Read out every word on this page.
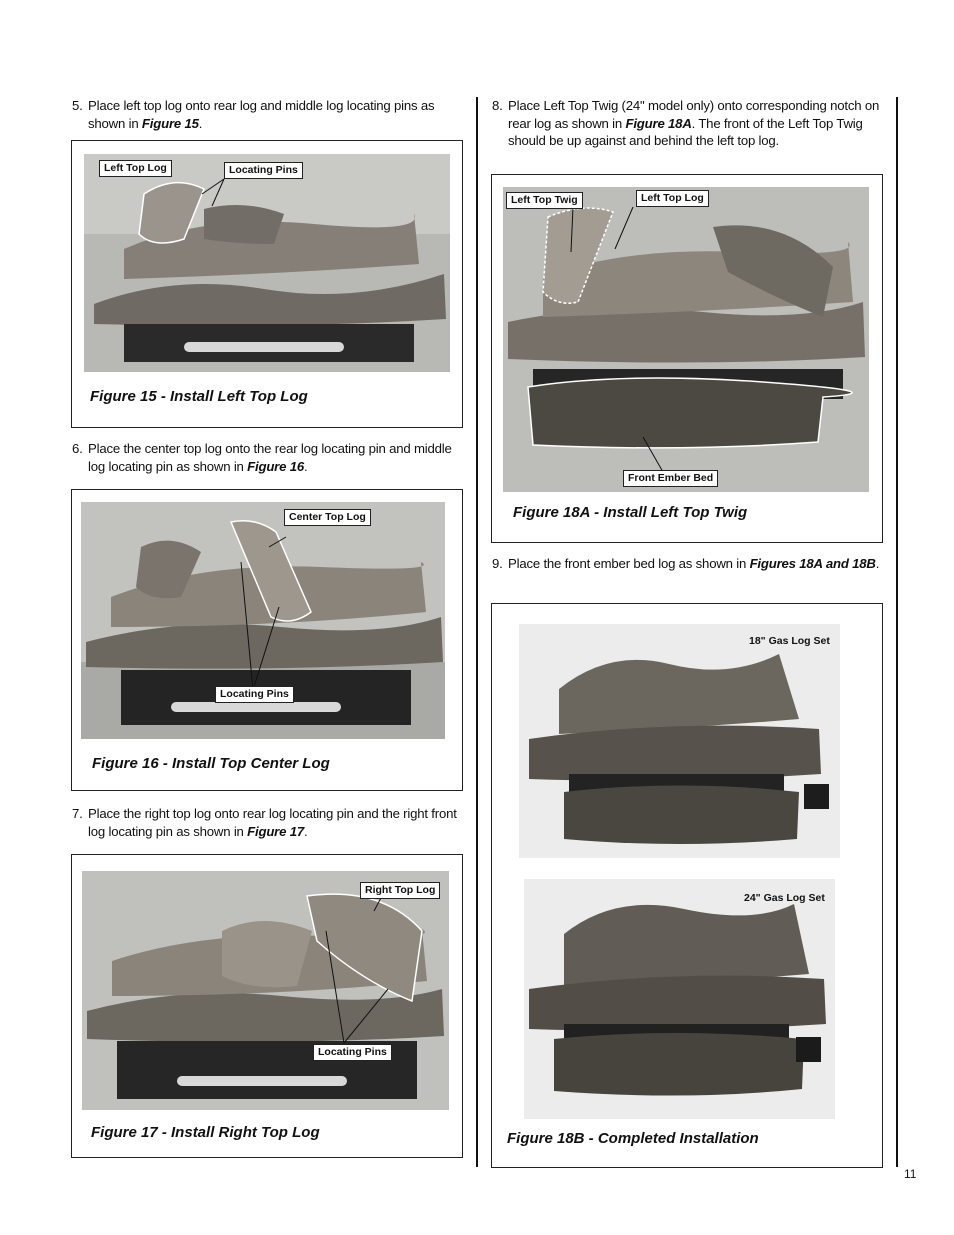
5. Place left top log onto rear log and middle log locating pins as shown in Figure 15.
Left Top Log	Locating Pins
Figure 15 - Install Left Top Log
6. Place the center top log onto the rear log locating pin and middle log locating pin as shown in Figure 16.
Center Top Log
Locating Pins
Figure 16 - Install Top Center Log
7. Place the right top log onto rear log locating pin and the right front log locating pin as shown in Figure 17.
Right Top Log
Locating Pins
Figure 17 - Install Right Top Log
8. Place Left Top Twig (24" model only) onto corresponding notch on rear log as shown in Figure 18A. The front of the Left Top Twig should be up against and behind the left top log.
Left Top Twig	Left Top Log
Front Ember Bed
Figure 18A - Install Left Top Twig
9. Place the front ember bed log as shown in Figures 18A and 18B.
18" Gas Log Set
24" Gas Log Set
Figure 18B - Completed Installation
11
